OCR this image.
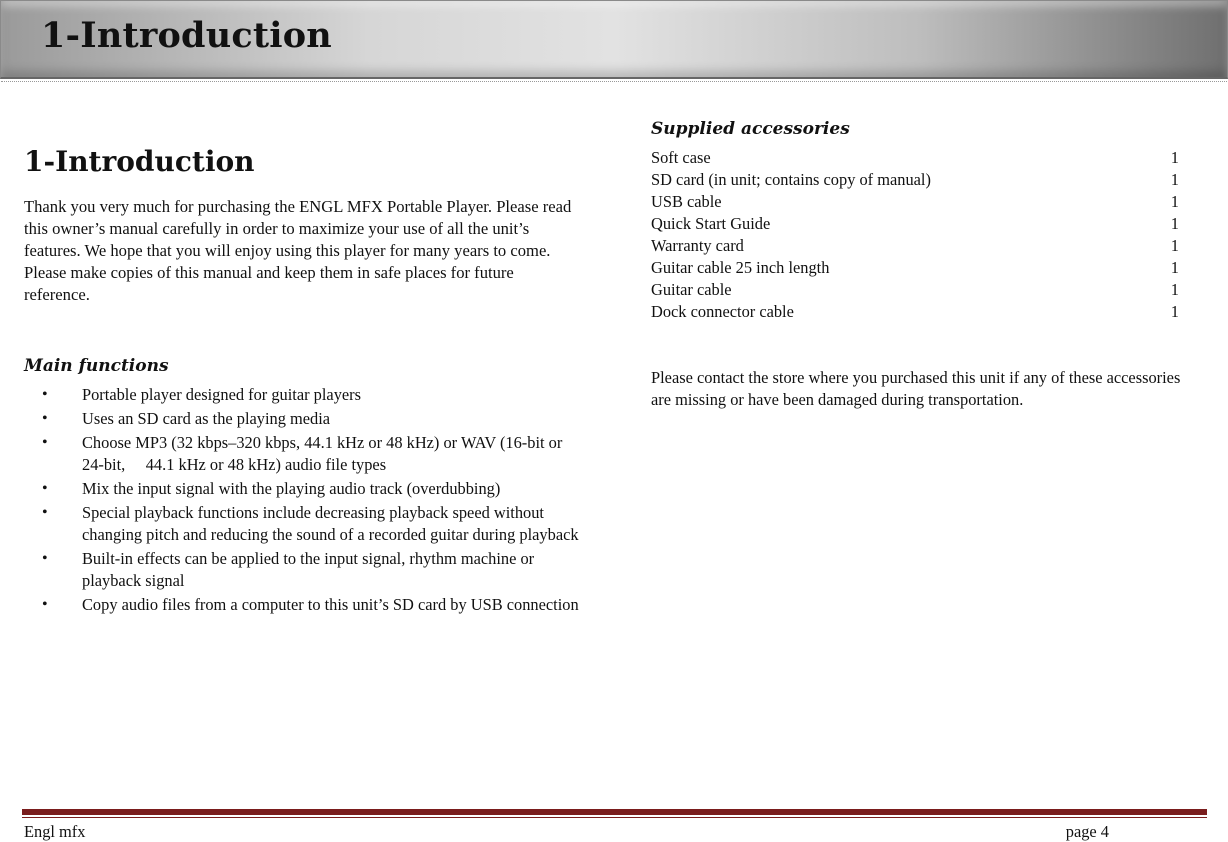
1-Introduction
1-Introduction

Thank you very much for purchasing the ENGL MFX Portable Player. Please read this owner’s manual carefully in order to maximize your use of all the unit’s features. We hope that you will enjoy using this player for many years to come. Please make copies of this manual and keep them in safe places for future reference.

Main functions
• Portable player designed for guitar players
• Uses an SD card as the playing media
• Choose MP3 (32 kbps–320 kbps, 44.1 kHz or 48 kHz) or WAV (16-bit or 24-bit,     44.1 kHz or 48 kHz) audio file types
• Mix the input signal with the playing audio track (overdubbing)
• Special playback functions include decreasing playback speed without changing pitch and reducing the sound of a recorded guitar during playback
• Built-in effects can be applied to the input signal, rhythm machine or playback signal
• Copy audio files from a computer to this unit’s SD card by USB connection
Supplied accessories
Soft case	1
SD card (in unit; contains copy of manual)	1
USB cable	1
Quick Start Guide	1
Warranty card	1
Guitar cable 25 inch length	1
Guitar cable	1
Dock connector cable	1

Please contact the store where you purchased this unit if any of these accessories are missing or have been damaged during transportation.

Engl mfx	page 4
